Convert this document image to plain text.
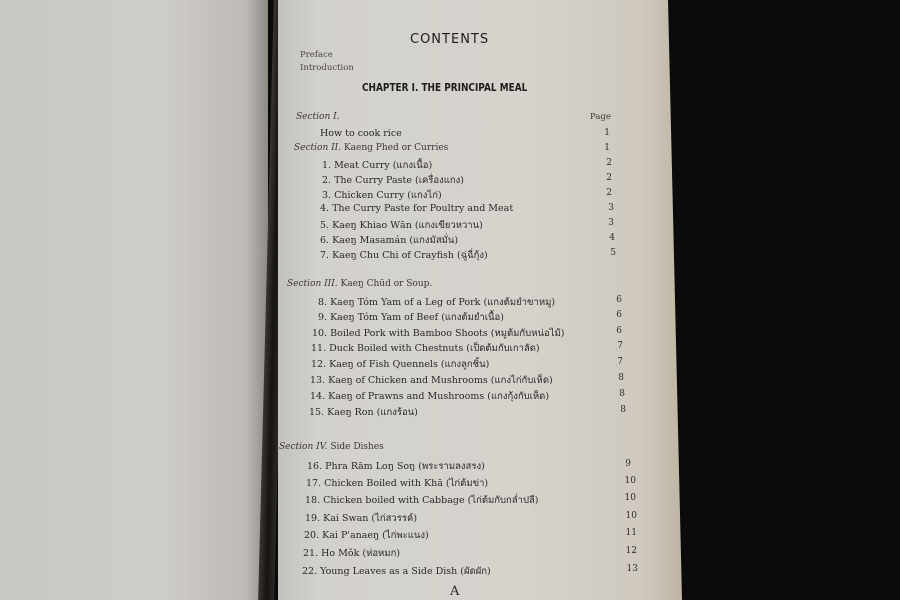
CONTENTS
Preface
Introduction
CHAPTER I. THE PRINCIPAL MEAL
Section I.	Page
How to cook rice	1
Section II. Kaeng Phed or Curries	1
1. Meat Curry (แกงเนื้อ)	2
2. The Curry Paste (เครื่องแกง)	2
3. Chicken Curry (แกงไก่)	2
4. The Curry Paste for Poultry and Meat	3
5. Kaeŋ Khiao Wān (แกงเขียวหวาน)	3
6. Kaeŋ Masamán (แกงมัสมั่น)	4
7. Kaeŋ Chu Chi of Crayfish (ฉู่ฉี่กุ้ง)	5
Section III. Kaeŋ Chūd or Soup.
8. Kaeŋ Tóm Yam of a Leg of Pork (แกงต้มยำขาหมู)	6
9. Kaeŋ Tóm Yam of Beef (แกงต้มยำเนื้อ)	6
10. Boiled Pork with Bamboo Shoots (หมูต้มกับหน่อไม้)	6
11. Duck Boiled with Chestnuts (เป็ดต้มกับเกาลัด)	7
12. Kaeŋ of Fish Quennels (แกงลูกชิ้น)	7
13. Kaeŋ of Chicken and Mushrooms (แกงไก่กับเห็ด)	8
14. Kaeŋ of Prawns and Mushrooms (แกงกุ้งกับเห็ด)	8
15. Kaeŋ Ron (แกงร้อน)	8
Section IV. Side Dishes
16. Phra Rām Loŋ Soŋ (พระรามลงสรง)	9
17. Chicken Boiled with Khā (ไก่ต้มข่า)	10
18. Chicken boiled with Cabbage (ไก่ต้มกับกล่ำปลี)	10
19. Kai Swan (ไก่สวรรค์)	10
20. Kai P'anaeŋ (ไก่พะแนง)	11
21. Ho Mǒk (ห่อหมก)	12
22. Young Leaves as a Side Dish (ผัดผัก)	13
A
